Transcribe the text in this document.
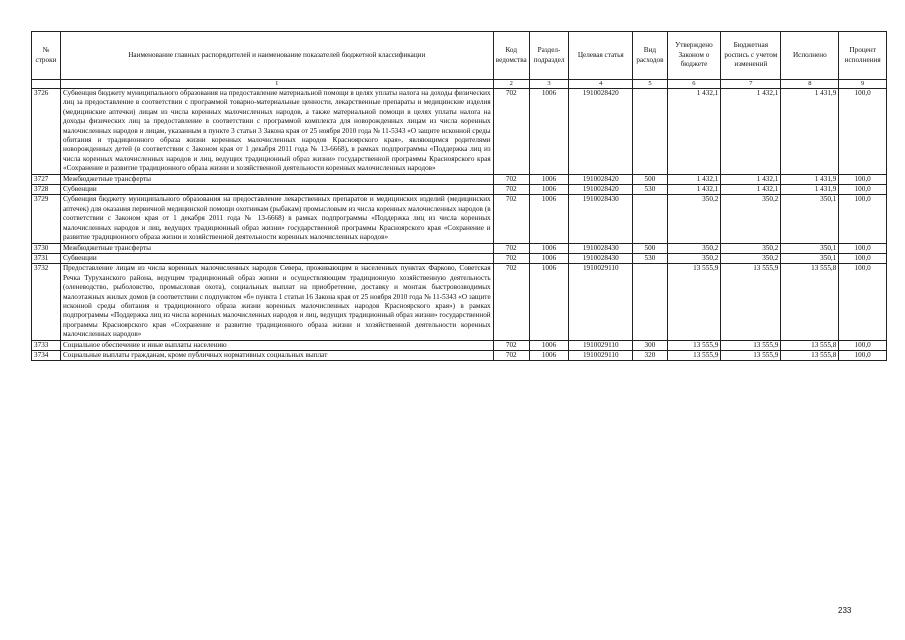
№ строки	Наименование главных распорядителей и наименование показателей бюджетной классификации	Код ведомства	Раздел-подраздел	Целевая статья	Вид расходов	Утверждено Законом о бюджете	Бюджетная роспись с учетом изменений	Исполнено	Процент исполнения
	1	2	3	4	5	6	7	8	9
3726	Субвенция бюджету муниципального образования на предоставление материальной помощи в целях уплаты налога на доходы физических лиц за предоставление в соответствии с программой товарно-материальные ценности, лекарственные препараты и медицинские изделия (медицинские аптечки) лицам из числа коренных малочисленных народов, а также материальной помощи в целях уплаты налога на доходы физических лиц за предоставление в соответствии с программой комплекта для новорожденных лицам из числа коренных малочисленных народов и лицам, указанным в пункте 3 статьи 3 Закона края от 25 ноября 2010 года № 11-5343 «О защите исконной среды обитания и традиционного образа жизни коренных малочисленных народов Красноярского края», являющимся родителями новорожденных детей (в соответствии с Законом края от 1 декабря 2011 года № 13-6668), в рамках подпрограммы «Поддержка лиц из числа коренных малочисленных народов и лиц, ведущих традиционный образ жизни» государственной программы Красноярского края «Сохранение и развитие традиционного образа жизни и хозяйственной деятельности коренных малочисленных народов»	702	1006	1910028420		1 432,1	1 432,1	1 431,9	100,0
3727	Межбюджетные трансферты	702	1006	1910028420	500	1 432,1	1 432,1	1 431,9	100,0
3728	Субвенции	702	1006	1910028420	530	1 432,1	1 432,1	1 431,9	100,0
3729	Субвенция бюджету муниципального образования на предоставление лекарственных препаратов и медицинских изделий (медицинских аптечек) для оказания первичной медицинской помощи охотникам (рыбакам) промысловым из числа коренных малочисленных народов (в соответствии с Законом края от 1 декабря 2011 года № 13-6668) в рамках подпрограммы «Поддержка лиц из числа коренных малочисленных народов и лиц, ведущих традиционный образ жизни» государственной программы Красноярского края «Сохранение и развитие традиционного образа жизни и хозяйственной деятельности коренных малочисленных народов»	702	1006	1910028430		350,2	350,2	350,1	100,0
3730	Межбюджетные трансферты	702	1006	1910028430	500	350,2	350,2	350,1	100,0
3731	Субвенции	702	1006	1910028430	530	350,2	350,2	350,1	100,0
3732	Предоставление лицам из числа коренных малочисленных народов Севера, проживающим в населенных пунктах Фарково, Советская Речка Туруханского района, ведущим традиционный образ жизни и осуществляющим традиционную хозяйственную деятельность (оленеводство, рыболовство, промысловая охота), социальных выплат на приобретение, доставку и монтаж быстровозводимых малоэтажных жилых домов (в соответствии с подпунктом «б» пункта 1 статьи 16 Закона края от 25 ноября 2010 года № 11-5343 «О защите исконной среды обитания и традиционного образа жизни коренных малочисленных народов Красноярского края») в рамках подпрограммы «Поддержка лиц из числа коренных малочисленных народов и лиц, ведущих традиционный образ жизни» государственной программы Красноярского края «Сохранение и развитие традиционного образа жизни и хозяйственной деятельности коренных малочисленных народов»	702	1006	1910029110		13 555,9	13 555,9	13 555,8	100,0
3733	Социальное обеспечение и иные выплаты населению	702	1006	1910029110	300	13 555,9	13 555,9	13 555,8	100,0
3734	Социальные выплаты гражданам, кроме публичных нормативных социальных выплат	702	1006	1910029110	320	13 555,9	13 555,9	13 555,8	100,0
233
